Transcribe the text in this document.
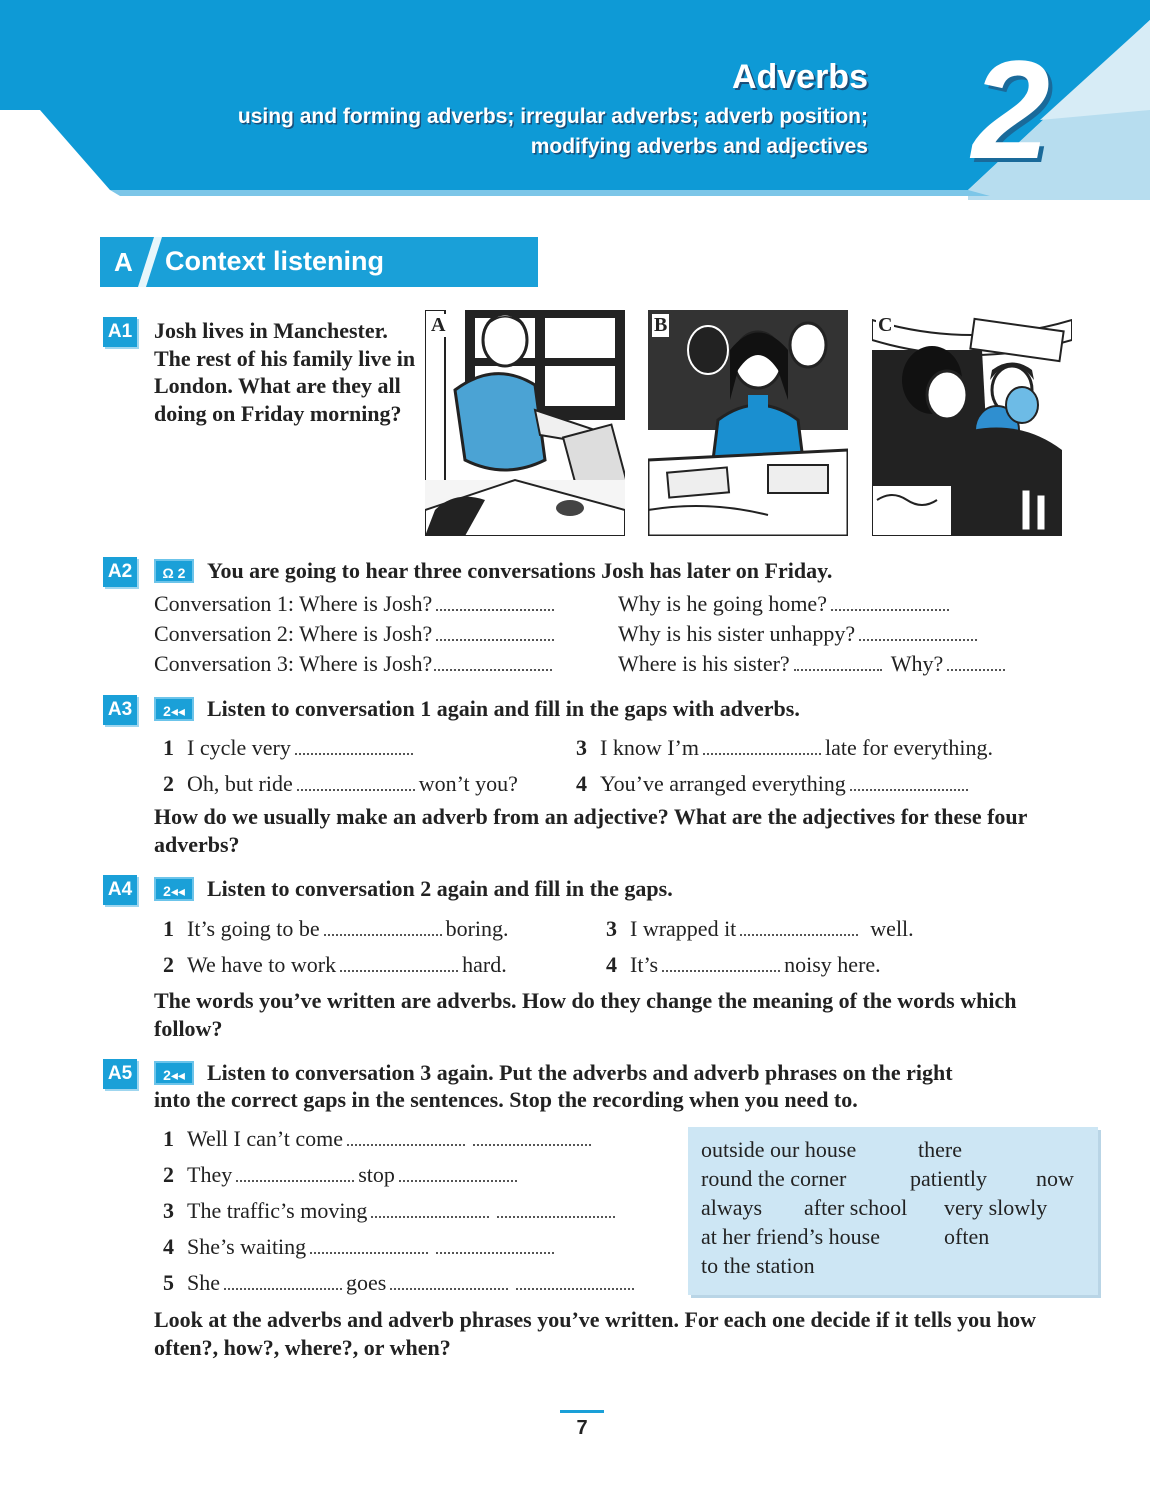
Adverbs
using and forming adverbs; irregular adverbs; adverb position;
modifying adverbs and adjectives 2
A Context listening
A1 Josh lives in Manchester. The rest of his family live in London. What are they all doing on Friday morning?
A	B	C
A2	Ω 2 You are going to hear three conversations Josh has later on Friday.
Conversation 1: Where is Josh?	Why is he going home?
Conversation 2: Where is Josh?	Why is his sister unhappy?
Conversation 3: Where is Josh?	Where is his sister?	Why?
A3	2◂◂	Listen to conversation 1 again and fill in the gaps with adverbs.
1 I cycle very	3 I know I’m	late for everything.
2 Oh, but ride	won’t you?	4 You’ve arranged everything
How do we usually make an adverb from an adjective? What are the adjectives for these four adverbs?
A4	2◂◂	Listen to conversation 2 again and fill in the gaps.
1 It’s going to be	boring.	3 I wrapped it	well.
2 We have to work	hard.	4 It’s	noisy here.
The words you’ve written are adverbs. How do they change the meaning of the words which follow?
A5	2◂◂	Listen to conversation 3 again. Put the adverbs and adverb phrases on the right
into the correct gaps in the sentences. Stop the recording when you need to.
1 Well I can’t come
2 They	stop
3 The traffic’s moving
4 She’s waiting
5 She	goes
outside our house	there
round the corner	patiently now
always after school very slowly
at her friend’s house	often
to the station
Look at the adverbs and adverb phrases you’ve written. For each one decide if it tells you how often?, how?, where?, or when?
7
